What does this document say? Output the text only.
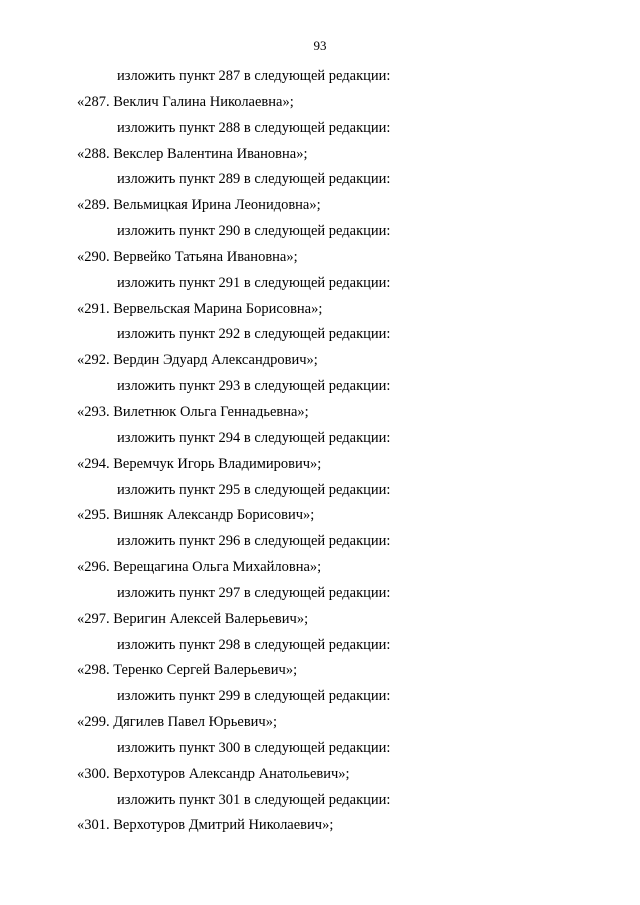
93
изложить пункт 287 в следующей редакции:
«287. Веклич Галина Николаевна»;
изложить пункт 288 в следующей редакции:
«288. Векслер Валентина Ивановна»;
изложить пункт 289 в следующей редакции:
«289. Вельмицкая Ирина Леонидовна»;
изложить пункт 290 в следующей редакции:
«290. Вервейко Татьяна Ивановна»;
изложить пункт 291 в следующей редакции:
«291. Вервельская Марина Борисовна»;
изложить пункт 292 в следующей редакции:
«292. Вердин Эдуард Александрович»;
изложить пункт 293 в следующей редакции:
«293. Вилетнюк Ольга Геннадьевна»;
изложить пункт 294 в следующей редакции:
«294. Веремчук Игорь Владимирович»;
изложить пункт 295 в следующей редакции:
«295. Вишняк Александр Борисович»;
изложить пункт 296 в следующей редакции:
«296. Верещагина Ольга Михайловна»;
изложить пункт 297 в следующей редакции:
«297. Веригин Алексей Валерьевич»;
изложить пункт 298 в следующей редакции:
«298. Теренко Сергей Валерьевич»;
изложить пункт 299 в следующей редакции:
«299. Дягилев Павел Юрьевич»;
изложить пункт 300 в следующей редакции:
«300. Верхотуров Александр Анатольевич»;
изложить пункт 301 в следующей редакции:
«301. Верхотуров Дмитрий Николаевич»;
